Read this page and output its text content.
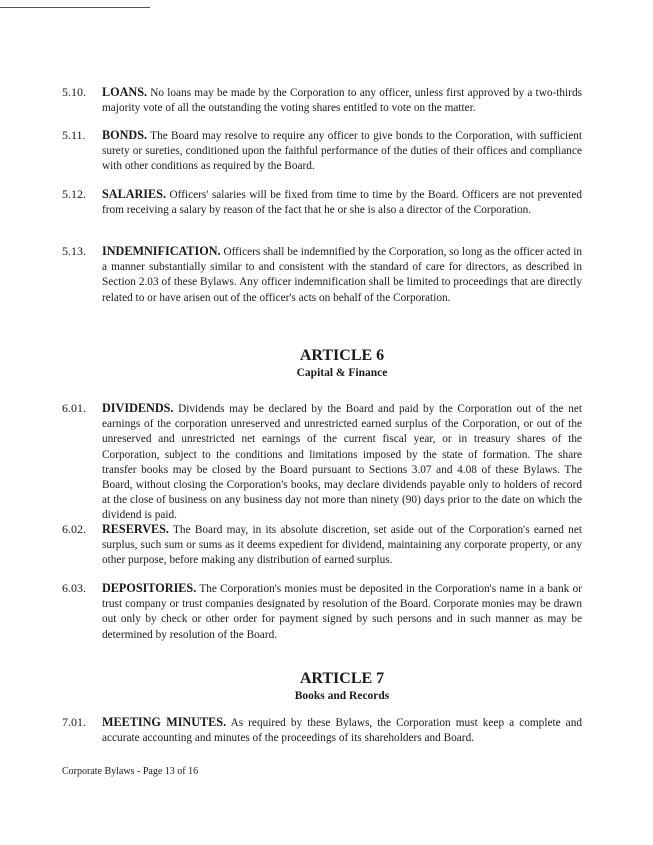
5.10.	LOANS. No loans may be made by the Corporation to any officer, unless first approved by a two-thirds majority vote of all the outstanding the voting shares entitled to vote on the matter.
5.11.	BONDS. The Board may resolve to require any officer to give bonds to the Corporation, with sufficient surety or sureties, conditioned upon the faithful performance of the duties of their offices and compliance with other conditions as required by the Board.
5.12.	SALARIES. Officers' salaries will be fixed from time to time by the Board. Officers are not prevented from receiving a salary by reason of the fact that he or she is also a director of the Corporation.
5.13.	INDEMNIFICATION. Officers shall be indemnified by the Corporation, so long as the officer acted in a manner substantially similar to and consistent with the standard of care for directors, as described in Section 2.03 of these Bylaws. Any officer indemnification shall be limited to proceedings that are directly related to or have arisen out of the officer's acts on behalf of the Corporation.
ARTICLE 6
Capital & Finance
6.01.	DIVIDENDS. Dividends may be declared by the Board and paid by the Corporation out of the net earnings of the corporation unreserved and unrestricted earned surplus of the Corporation, or out of the unreserved and unrestricted net earnings of the current fiscal year, or in treasury shares of the Corporation, subject to the conditions and limitations imposed by the state of formation. The share transfer books may be closed by the Board pursuant to Sections 3.07 and 4.08 of these Bylaws. The Board, without closing the Corporation's books, may declare dividends payable only to holders of record at the close of business on any business day not more than ninety (90) days prior to the date on which the dividend is paid.
6.02.	RESERVES. The Board may, in its absolute discretion, set aside out of the Corporation's earned net surplus, such sum or sums as it deems expedient for dividend, maintaining any corporate property, or any other purpose, before making any distribution of earned surplus.
6.03.	DEPOSITORIES. The Corporation's monies must be deposited in the Corporation's name in a bank or trust company or trust companies designated by resolution of the Board. Corporate monies may be drawn out only by check or other order for payment signed by such persons and in such manner as may be determined by resolution of the Board.
ARTICLE 7
Books and Records
7.01.	MEETING MINUTES. As required by these Bylaws, the Corporation must keep a complete and accurate accounting and minutes of the proceedings of its shareholders and Board.
Corporate Bylaws - Page 13 of 16
